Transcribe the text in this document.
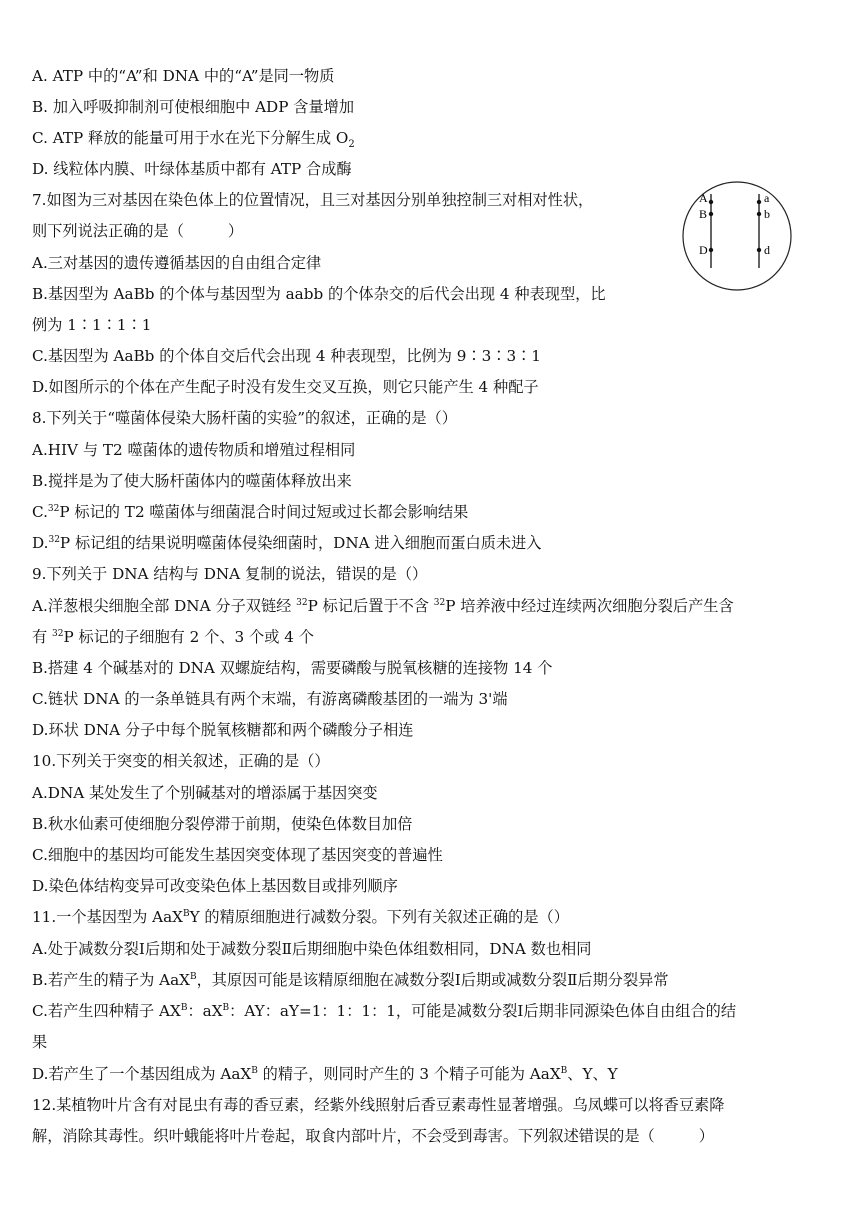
A. ATP 中的“A”和 DNA 中的“A”是同一物质
B. 加入呼吸抑制剂可使根细胞中 ADP 含量增加
C. ATP 释放的能量可用于水在光下分解生成 $O_2$
D. 线粒体内膜、叶绿体基质中都有 ATP 合成酶
7.如图为三对基因在染色体上的位置情况，且三对基因分别单独控制三对相对性状，
则下列说法正确的是（	）
A.三对基因的遗传遵循基因的自由组合定律
B.基因型为 AaBb 的个体与基因型为 aabb 的个体杂交的后代会出现 4 种表现型，比
例为 1∶1∶1∶1
C.基因型为 AaBb 的个体自交后代会出现 4 种表现型，比例为 9∶3∶3∶1
D.如图所示的个体在产生配子时没有发生交叉互换，则它只能产生 4 种配子
A
B
D
a
b
d
8.下列关于“噬菌体侵染大肠杆菌的实验”的叙述，正确的是（）
A.HIV 与 T2 噬菌体的遗传物质和增殖过程相同
B.搅拌是为了使大肠杆菌体内的噬菌体释放出来
C.$^{32}$P 标记的 T2 噬菌体与细菌混合时间过短或过长都会影响结果
D.$^{32}$P 标记组的结果说明噬菌体侵染细菌时，DNA 进入细胞而蛋白质未进入
9.下列关于 DNA 结构与 DNA 复制的说法，错误的是（）
A.洋葱根尖细胞全部 DNA 分子双链经 $^{32}$P 标记后置于不含 $^{32}$P 培养液中经过连续两次细胞分裂后产生含
有 $^{32}$P 标记的子细胞有 2 个、3 个或 4 个
B.搭建 4 个碱基对的 DNA 双螺旋结构，需要磷酸与脱氧核糖的连接物 14 个
C.链状 DNA 的一条单链具有两个末端，有游离磷酸基团的一端为 3'端
D.环状 DNA 分子中每个脱氧核糖都和两个磷酸分子相连
10.下列关于突变的相关叙述，正确的是（）
A.DNA 某处发生了个别碱基对的增添属于基因突变
B.秋水仙素可使细胞分裂停滞于前期，使染色体数目加倍
C.细胞中的基因均可能发生基因突变体现了基因突变的普遍性
D.染色体结构变异可改变染色体上基因数目或排列顺序
11.一个基因型为 AaX$^B$Y 的精原细胞进行减数分裂。下列有关叙述正确的是（）
A.处于减数分裂Ⅰ后期和处于减数分裂Ⅱ后期细胞中染色体组数相同，DNA 数也相同
B.若产生的精子为 AaX$^B$，其原因可能是该精原细胞在减数分裂Ⅰ后期或减数分裂Ⅱ后期分裂异常
C.若产生四种精子 $AX^B$：$aX^B$：AY：aY=1：1：1：1，可能是减数分裂Ⅰ后期非同源染色体自由组合的结
果
D.若产生了一个基因组成为 AaX$^B$ 的精子，则同时产生的 3 个精子可能为 AaX$^B$、Y、Y
12.某植物叶片含有对昆虫有毒的香豆素，经紫外线照射后香豆素毒性显著增强。乌凤蝶可以将香豆素降
解，消除其毒性。织叶蛾能将叶片卷起，取食内部叶片，不会受到毒害。下列叙述错误的是（	）
